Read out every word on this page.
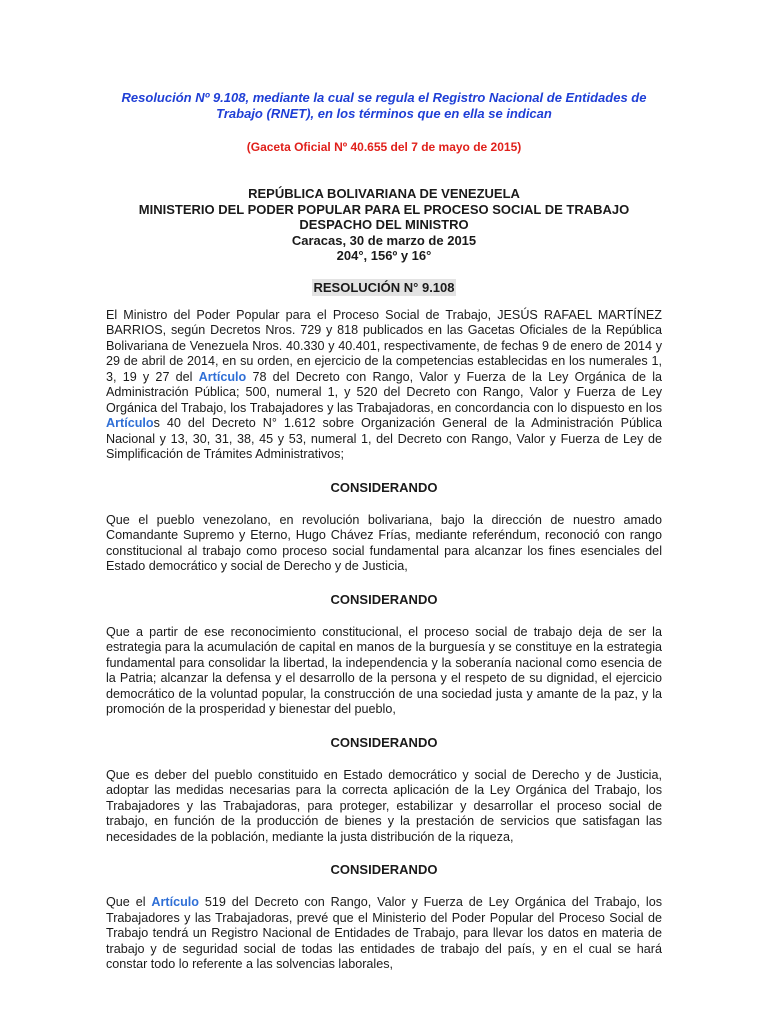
Resolución Nº 9.108, mediante la cual se regula el Registro Nacional de Entidades de Trabajo (RNET), en los términos que en ella se indican

(Gaceta Oficial Nº 40.655 del 7 de mayo de 2015)

REPÚBLICA BOLIVARIANA DE VENEZUELA
MINISTERIO DEL PODER POPULAR PARA EL PROCESO SOCIAL DE TRABAJO
DESPACHO DEL MINISTRO
Caracas, 30 de marzo de 2015
204°, 156º y 16°
RESOLUCIÓN N° 9.108

El Ministro del Poder Popular para el Proceso Social de Trabajo, JESÚS RAFAEL MARTÍNEZ BARRIOS, según Decretos Nros. 729 y 818 publicados en las Gacetas Oficiales de la República Bolivariana de Venezuela Nros. 40.330 y 40.401, respectivamente, de fechas 9 de enero de 2014 y 29 de abril de 2014, en su orden, en ejercicio de la competencias establecidas en los numerales 1, 3, 19 y 27 del Artículo 78 del Decreto con Rango, Valor y Fuerza de la Ley Orgánica de la Administración Pública; 500, numeral 1, y 520 del Decreto con Rango, Valor y Fuerza de Ley Orgánica del Trabajo, los Trabajadores y las Trabajadoras, en concordancia con lo dispuesto en los Artículos 40 del Decreto N° 1.612 sobre Organización General de la Administración Pública Nacional y 13, 30, 31, 38, 45 y 53, numeral 1, del Decreto con Rango, Valor y Fuerza de Ley de Simplificación de Trámites Administrativos;

CONSIDERANDO

Que el pueblo venezolano, en revolución bolivariana, bajo la dirección de nuestro amado Comandante Supremo y Eterno, Hugo Chávez Frías, mediante referéndum, reconoció con rango constitucional al trabajo como proceso social fundamental para alcanzar los fines esenciales del Estado democrático y social de Derecho y de Justicia,

CONSIDERANDO

Que a partir de ese reconocimiento constitucional, el proceso social de trabajo deja de ser la estrategia para la acumulación de capital en manos de la burguesía y se constituye en la estrategia fundamental para consolidar la libertad, la independencia y la soberanía nacional como esencia de la Patria; alcanzar la defensa y el desarrollo de la persona y el respeto de su dignidad, el ejercicio democrático de la voluntad popular, la construcción de una sociedad justa y amante de la paz, y la promoción de la prosperidad y bienestar del pueblo,

CONSIDERANDO

Que es deber del pueblo constituido en Estado democrático y social de Derecho y de Justicia, adoptar las medidas necesarias para la correcta aplicación de la Ley Orgánica del Trabajo, los Trabajadores y las Trabajadoras, para proteger, estabilizar y desarrollar el proceso social de trabajo, en función de la producción de bienes y la prestación de servicios que satisfagan las necesidades de la población, mediante la justa distribución de la riqueza,

CONSIDERANDO

Que el Artículo 519 del Decreto con Rango, Valor y Fuerza de Ley Orgánica del Trabajo, los Trabajadores y las Trabajadoras, prevé que el Ministerio del Poder Popular del Proceso Social de Trabajo tendrá un Registro Nacional de Entidades de Trabajo, para llevar los datos en materia de trabajo y de seguridad social de todas las entidades de trabajo del país, y en el cual se hará constar todo lo referente a las solvencias laborales,
